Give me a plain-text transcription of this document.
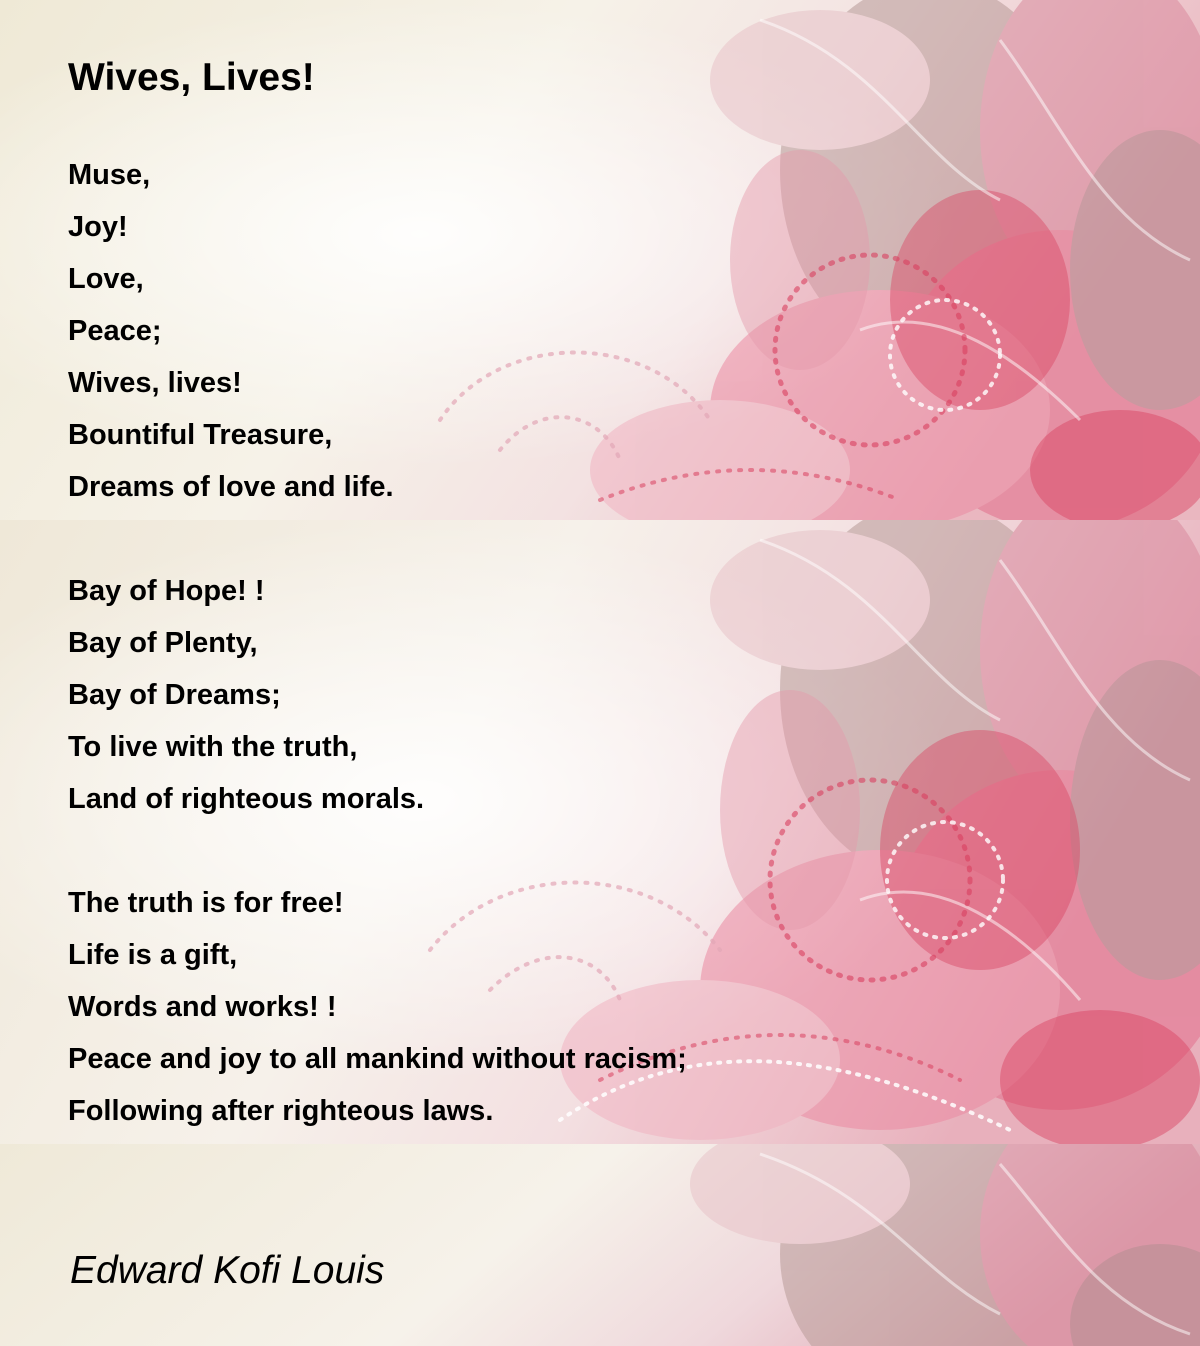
Wives, Lives!
Muse,
Joy!
Love,
Peace;
Wives, lives!
Bountiful Treasure,
Dreams of love and life.
Bay of Hope! !
Bay of Plenty,
Bay of Dreams;
To live with the truth,
Land of righteous morals.
The truth is for free!
Life is a gift,
Words and works! !
Peace and joy to all mankind without racism;
Following after righteous laws.
Edward Kofi Louis
